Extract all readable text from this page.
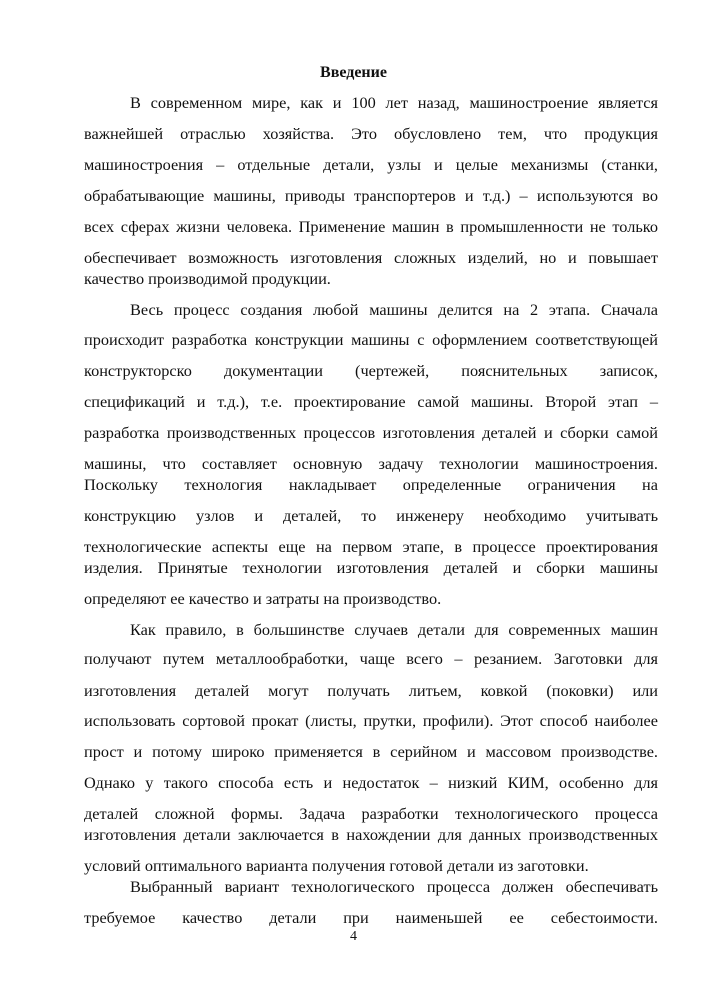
Введение
В современном мире, как и 100 лет назад, машиностроение является
важнейшей отраслью хозяйства. Это обусловлено тем, что продукция
машиностроения – отдельные детали, узлы и целые механизмы (станки,
обрабатывающие машины, приводы транспортеров и т.д.) – используются во
всех сферах жизни человека. Применение машин в промышленности не только
обеспечивает возможность изготовления сложных изделий, но и повышает
качество производимой продукции.
Весь процесс создания любой машины делится на 2 этапа. Сначала
происходит разработка конструкции машины с оформлением соответствующей
конструкторско документации (чертежей, пояснительных записок,
спецификаций и т.д.), т.е. проектирование самой машины. Второй этап –
разработка производственных процессов изготовления деталей и сборки самой
машины, что составляет основную задачу технологии машиностроения.
Поскольку технология накладывает определенные ограничения на
конструкцию узлов и деталей, то инженеру необходимо учитывать
технологические аспекты еще на первом этапе, в процессе проектирования
изделия. Принятые технологии изготовления деталей и сборки машины
определяют ее качество и затраты на производство.
Как правило, в большинстве случаев детали для современных машин
получают путем металлообработки, чаще всего – резанием. Заготовки для
изготовления деталей могут получать литьем, ковкой (поковки) или
использовать сортовой прокат (листы, прутки, профили). Этот способ наиболее
прост и потому широко применяется в серийном и массовом производстве.
Однако у такого способа есть и недостаток – низкий КИМ, особенно для
деталей сложной формы. Задача разработки технологического процесса
изготовления детали заключается в нахождении для данных производственных
условий оптимального варианта получения готовой детали из заготовки.
Выбранный вариант технологического процесса должен обеспечивать
требуемое качество детали при наименьшей ее себестоимости.
4
